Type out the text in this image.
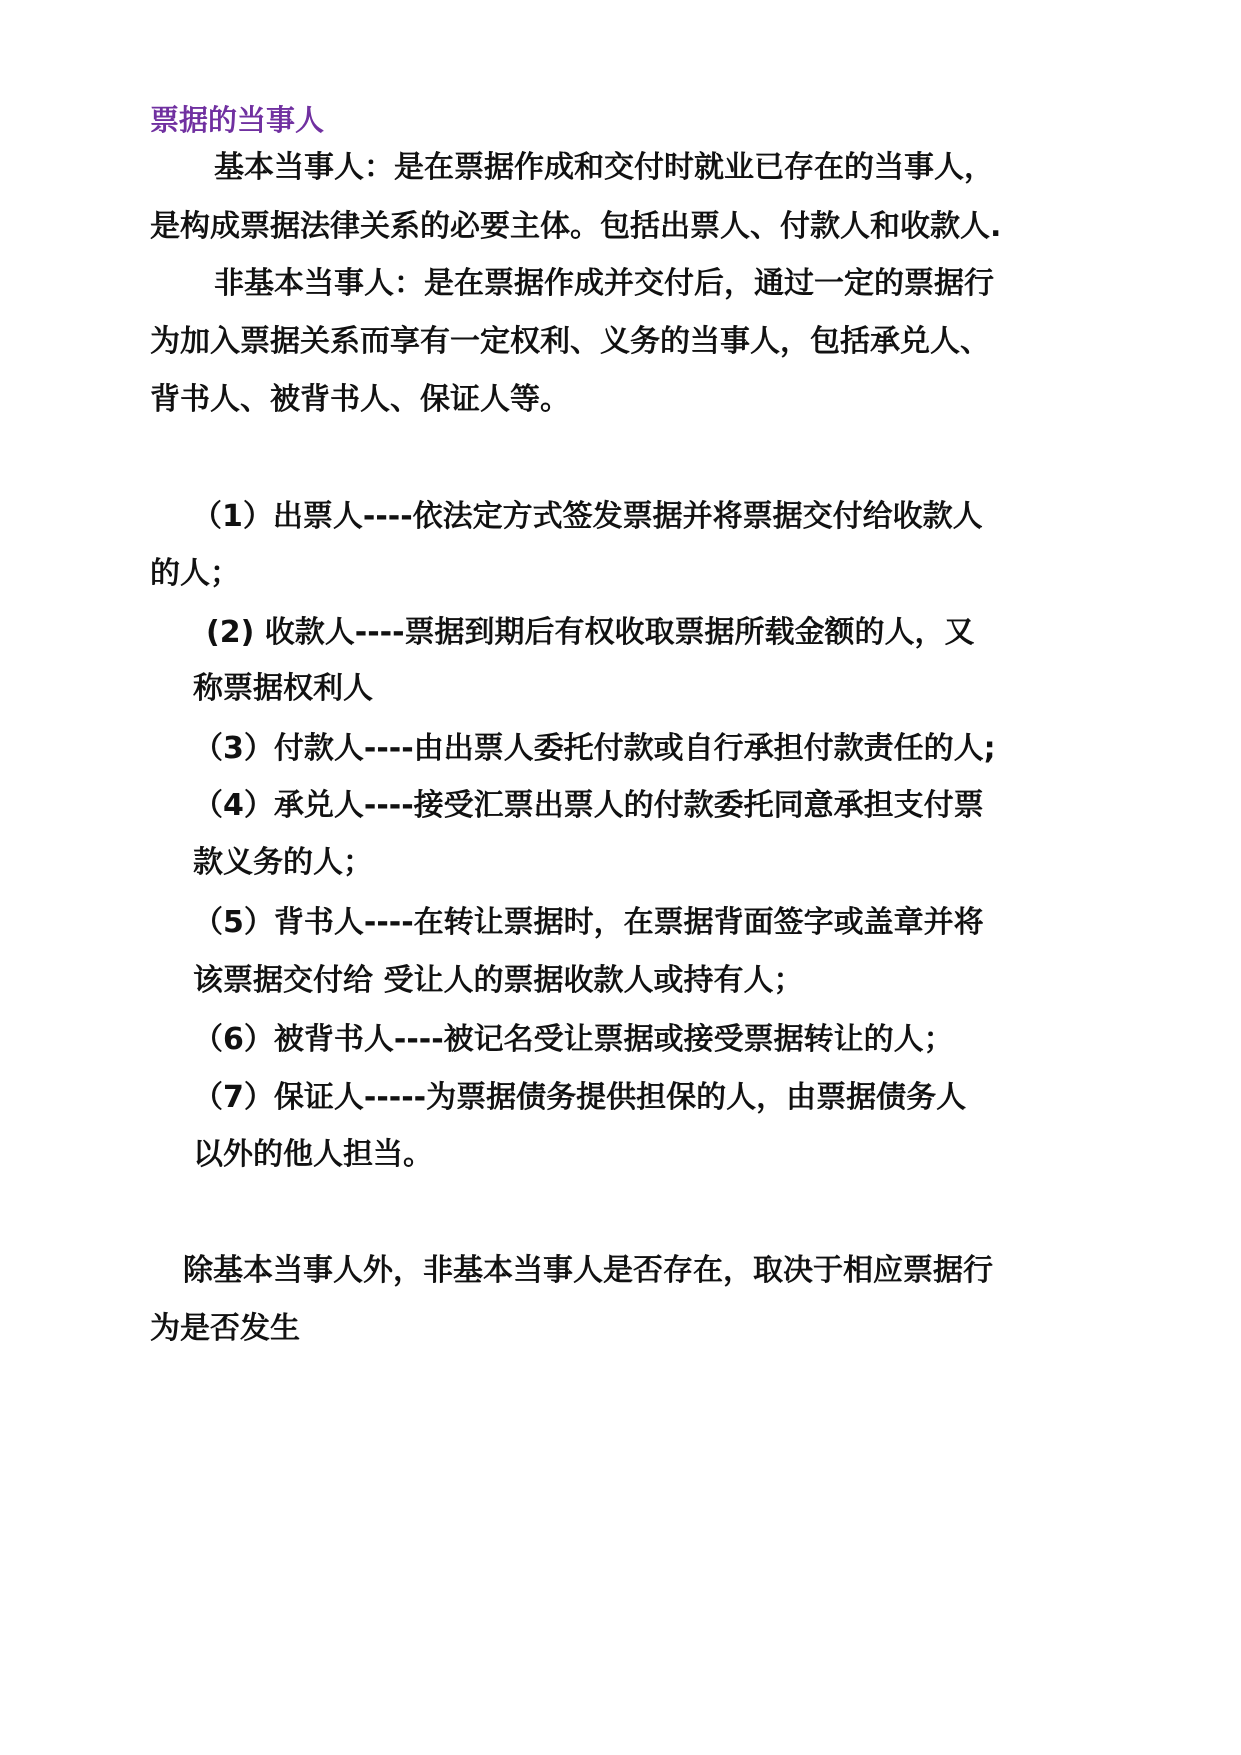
票据的当事人
基本当事人：是在票据作成和交付时就业已存在的当事人，
是构成票据法律关系的必要主体。包括出票人、付款人和收款人.
非基本当事人：是在票据作成并交付后，通过一定的票据行
为加入票据关系而享有一定权利、义务的当事人，包括承兑人、
背书人、被背书人、保证人等。
（1）出票人----依法定方式签发票据并将票据交付给收款人
的人；
(2) 收款人----票据到期后有权收取票据所载金额的人，又
称票据权利人
（3）付款人----由出票人委托付款或自行承担付款责任的人;
（4）承兑人----接受汇票出票人的付款委托同意承担支付票
款义务的人；
（5）背书人----在转让票据时，在票据背面签字或盖章并将
该票据交付给 受让人的票据收款人或持有人；
（6）被背书人----被记名受让票据或接受票据转让的人；
（7）保证人-----为票据债务提供担保的人，由票据债务人
以外的他人担当。
除基本当事人外，非基本当事人是否存在，取决于相应票据行
为是否发生
